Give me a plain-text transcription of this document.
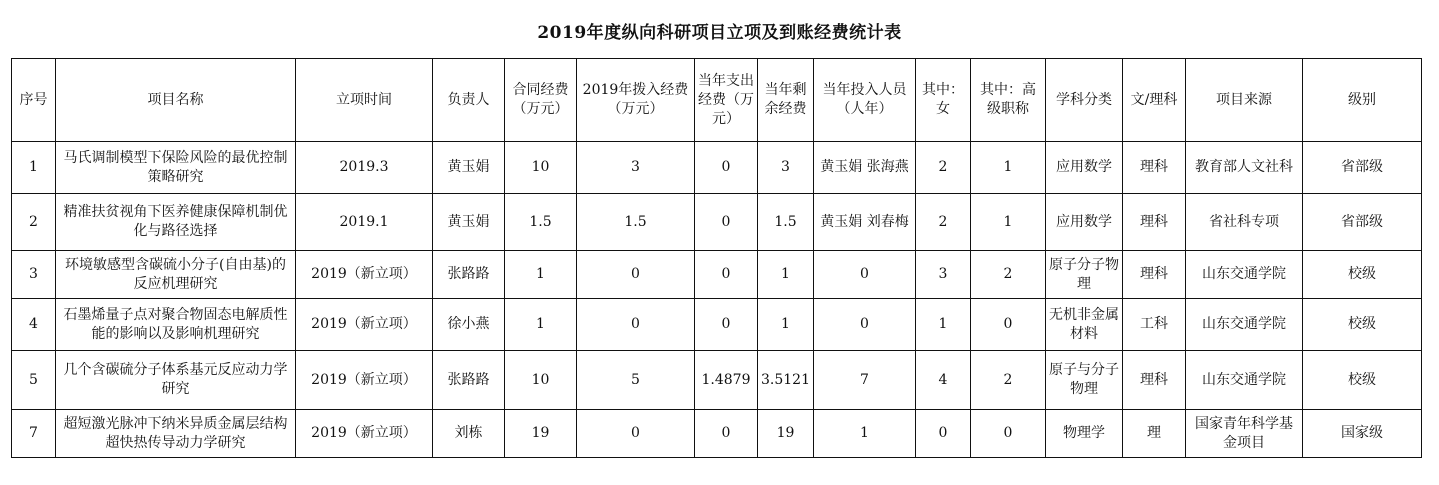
2019年度纵向科研项目立项及到账经费统计表
序号	项目名称	立项时间	负责人	合同经费（万元）	2019年拨入经费（万元）	当年支出经费（万元）	当年剩余经费	当年投入人员（人年）	其中：女	其中：高级职称	学科分类	文/理科	项目来源	级别
1	马氏调制模型下保险风险的最优控制策略研究	2019.3	黄玉娟	10	3	0	3	黄玉娟 张海燕	2	1	应用数学	理科	教育部人文社科	省部级
2	精准扶贫视角下医养健康保障机制优化与路径选择	2019.1	黄玉娟	1.5	1.5	0	1.5	黄玉娟 刘春梅	2	1	应用数学	理科	省社科专项	省部级
3	环境敏感型含碳硫小分子(自由基)的反应机理研究	2019（新立项）	张路路	1	0	0	1	0	3	2	原子分子物理	理科	山东交通学院	校级
4	石墨烯量子点对聚合物固态电解质性能的影响以及影响机理研究	2019（新立项）	徐小燕	1	0	0	1	0	1	0	无机非金属材料	工科	山东交通学院	校级
5	几个含碳硫分子体系基元反应动力学研究	2019（新立项）	张路路	10	5	1.4879	3.5121	7	4	2	原子与分子物理	理科	山东交通学院	校级
7	超短激光脉冲下纳米异质金属层结构超快热传导动力学研究	2019（新立项）	刘栋	19	0	0	19	1	0	0	物理学	理	国家青年科学基金项目	国家级
